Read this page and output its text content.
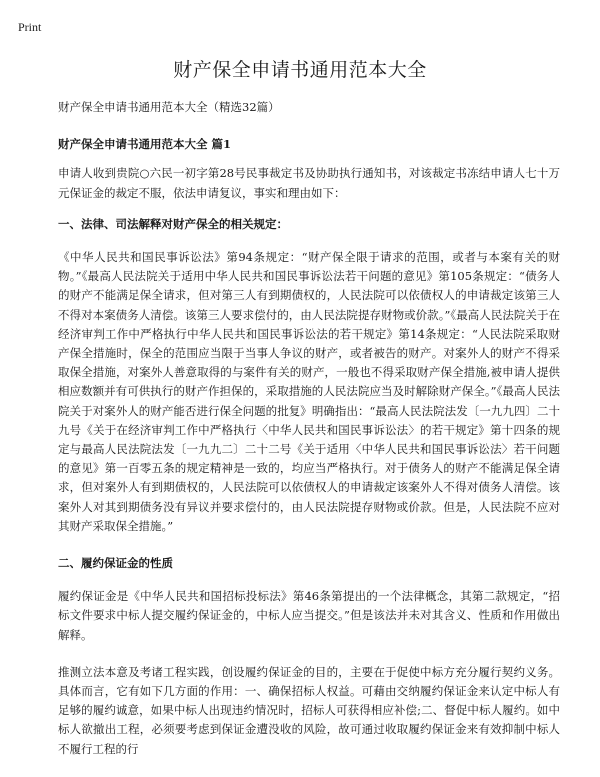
Print
财产保全申请书通用范本大全

财产保全申请书通用范本大全（精选32篇）

财产保全申请书通用范本大全 篇1

申请人收到贵院○六民一初字第28号民事裁定书及协助执行通知书，对该裁定书冻结申请人七十万元保证金的裁定不服，依法申请复议，事实和理由如下：

一、法律、司法解释对财产保全的相关规定：

《中华人民共和国民事诉讼法》第94条规定：“财产保全限于请求的范围，或者与本案有关的财物。”《最高人民法院关于适用中华人民共和国民事诉讼法若干问题的意见》第105条规定：“债务人的财产不能满足保全请求，但对第三人有到期债权的，人民法院可以依债权人的申请裁定该第三人不得对本案债务人清偿。该第三人要求偿付的，由人民法院提存财物或价款。”《最高人民法院关于在经济审判工作中严格执行中华人民共和国民事诉讼法的若干规定》第14条规定：“人民法院采取财产保全措施时，保全的范围应当限于当事人争议的财产，或者被告的财产。对案外人的财产不得采取保全措施，对案外人善意取得的与案件有关的财产，一般也不得采取财产保全措施,被申请人提供相应数额并有可供执行的财产作担保的，采取措施的人民法院应当及时解除财产保全。”《最高人民法院关于对案外人的财产能否进行保全问题的批复》明确指出：“最高人民法院法发〔一九九四〕二十九号《关于在经济审判工作中严格执行〈中华人民共和国民事诉讼法〉的若干规定》第十四条的规定与最高人民法院法发〔一九九二〕二十二号《关于适用〈中华人民共和国民事诉讼法〉若干问题的意见》第一百零五条的规定精神是一致的，均应当严格执行。对于债务人的财产不能满足保全请求，但对案外人有到期债权的，人民法院可以依债权人的申请裁定该案外人不得对债务人清偿。该案外人对其到期债务没有异议并要求偿付的，由人民法院提存财物或价款。但是，人民法院不应对其财产采取保全措施。”

二、履约保证金的性质

履约保证金是《中华人民共和国招标投标法》第46条第提出的一个法律概念，其第二款规定，“招标文件要求中标人提交履约保证金的，中标人应当提交。”但是该法并未对其含义、性质和作用做出解释。

推测立法本意及考诸工程实践，创设履约保证金的目的，主要在于促使中标方充分履行契约义务。具体而言，它有如下几方面的作用：一、确保招标人权益。可藉由交纳履约保证金来认定中标人有足够的履约诚意，如果中标人出现违约情况时，招标人可获得相应补偿;二、督促中标人履约。如中标人欲撤出工程，必须要考虑到保证金遭没收的风险，故可通过收取履约保证金来有效抑制中标人不履行工程的行
